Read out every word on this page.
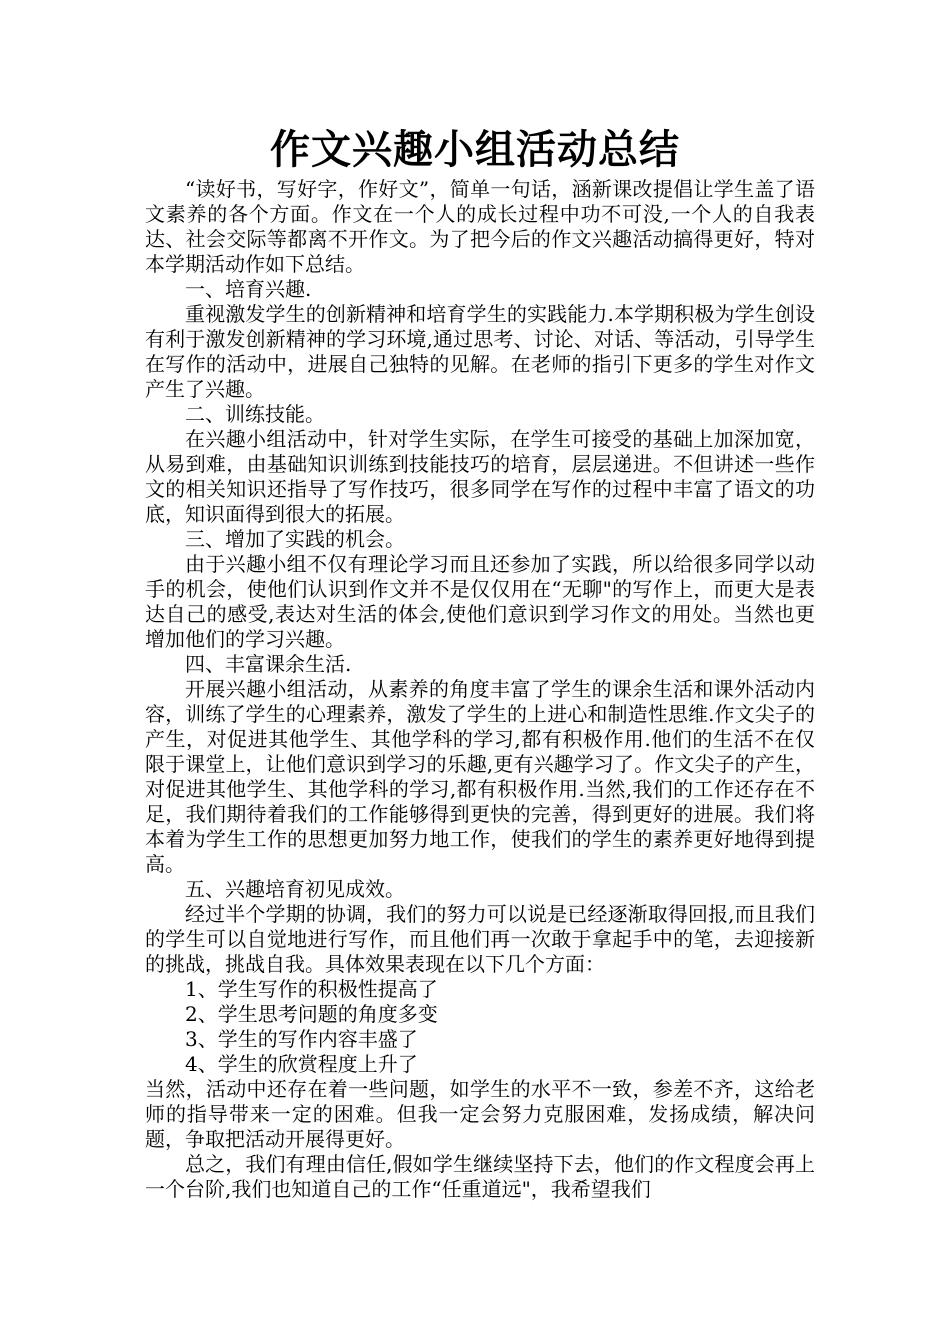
作文兴趣小组活动总结

“读好书，写好字，作好文”，简单一句话，涵新课改提倡让学生盖了语文素养的各个方面。作文在一个人的成长过程中功不可没,一个人的自我表达、社会交际等都离不开作文。为了把今后的作文兴趣活动搞得更好，特对本学期活动作如下总结。

一、培育兴趣.

重视激发学生的创新精神和培育学生的实践能力.本学期积极为学生创设有利于激发创新精神的学习环境,通过思考、讨论、对话、等活动，引导学生在写作的活动中，进展自己独特的见解。在老师的指引下更多的学生对作文产生了兴趣。

二、训练技能。

在兴趣小组活动中，针对学生实际，在学生可接受的基础上加深加宽，从易到难，由基础知识训练到技能技巧的培育，层层递进。不但讲述一些作文的相关知识还指导了写作技巧，很多同学在写作的过程中丰富了语文的功底，知识面得到很大的拓展。

三、增加了实践的机会。

由于兴趣小组不仅有理论学习而且还参加了实践，所以给很多同学以动手的机会，使他们认识到作文并不是仅仅用在“无聊"的写作上，而更大是表达自己的感受,表达对生活的体会,使他们意识到学习作文的用处。当然也更增加他们的学习兴趣。

四、丰富课余生活.

开展兴趣小组活动，从素养的角度丰富了学生的课余生活和课外活动内容，训练了学生的心理素养，激发了学生的上进心和制造性思维.作文尖子的产生，对促进其他学生、其他学科的学习,都有积极作用.他们的生活不在仅限于课堂上，让他们意识到学习的乐趣,更有兴趣学习了。作文尖子的产生，对促进其他学生、其他学科的学习,都有积极作用.当然,我们的工作还存在不足，我们期待着我们的工作能够得到更快的完善，得到更好的进展。我们将本着为学生工作的思想更加努力地工作，使我们的学生的素养更好地得到提高。

五、兴趣培育初见成效。

经过半个学期的协调，我们的努力可以说是已经逐渐取得回报,而且我们的学生可以自觉地进行写作，而且他们再一次敢于拿起手中的笔，去迎接新的挑战，挑战自我。具体效果表现在以下几个方面：

1、学生写作的积极性提高了

2、学生思考问题的角度多变

3、学生的写作内容丰盛了

4、学生的欣赏程度上升了

当然，活动中还存在着一些问题，如学生的水平不一致，参差不齐，这给老师的指导带来一定的困难。但我一定会努力克服困难，发扬成绩，解决问题，争取把活动开展得更好。

总之，我们有理由信任,假如学生继续坚持下去，他们的作文程度会再上一个台阶,我们也知道自己的工作“任重道远"，我希望我们
